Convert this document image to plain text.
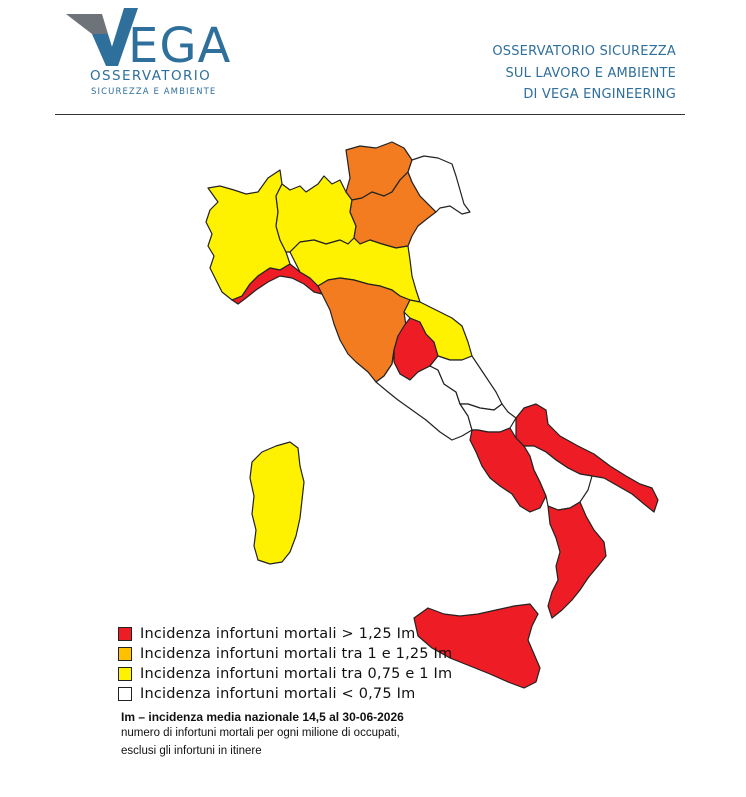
EGA
OSSERVATORIO
SICUREZZA E AMBIENTE
OSSERVATORIO SICUREZZA
SUL LAVORO E AMBIENTE
DI VEGA ENGINEERING
Incidenza infortuni mortali > 1,25 Im
Incidenza infortuni mortali tra 1 e 1,25 Im
Incidenza infortuni mortali tra 0,75 e 1 Im
Incidenza infortuni mortali < 0,75 Im
Im – incidenza media nazionale 14,5 al 30-06-2026
numero di infortuni mortali per ogni milione di occupati,
esclusi gli infortuni in itinere
